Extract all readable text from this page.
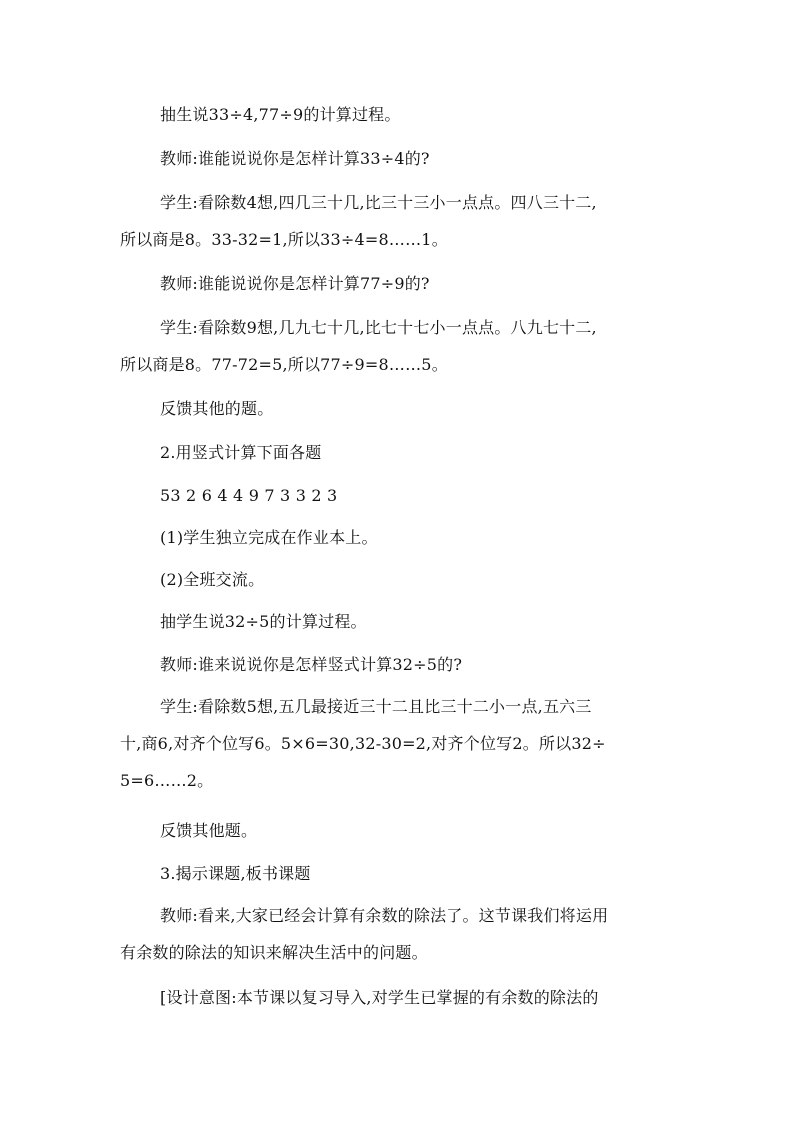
抽生说33÷4,77÷9的计算过程。
教师:谁能说说你是怎样计算33÷4的?
学生:看除数4想,四几三十几,比三十三小一点点。四八三十二,
所以商是8。33-32=1,所以33÷4=8……1。
教师:谁能说说你是怎样计算77÷9的?
学生:看除数9想,几九七十几,比七十七小一点点。八九七十二,
所以商是8。77-72=5,所以77÷9=8……5。
反馈其他的题。
2.用竖式计算下面各题
53 2 6 4 4 9 7 3 3 2 3
(1)学生独立完成在作业本上。
(2)全班交流。
抽学生说32÷5的计算过程。
教师:谁来说说你是怎样竖式计算32÷5的?
学生:看除数5想,五几最接近三十二且比三十二小一点,五六三
十,商6,对齐个位写6。5×6=30,32-30=2,对齐个位写2。所以32÷
5=6……2。
反馈其他题。
3.揭示课题,板书课题
教师:看来,大家已经会计算有余数的除法了。这节课我们将运用
有余数的除法的知识来解决生活中的问题。
[设计意图:本节课以复习导入,对学生已掌握的有余数的除法的
